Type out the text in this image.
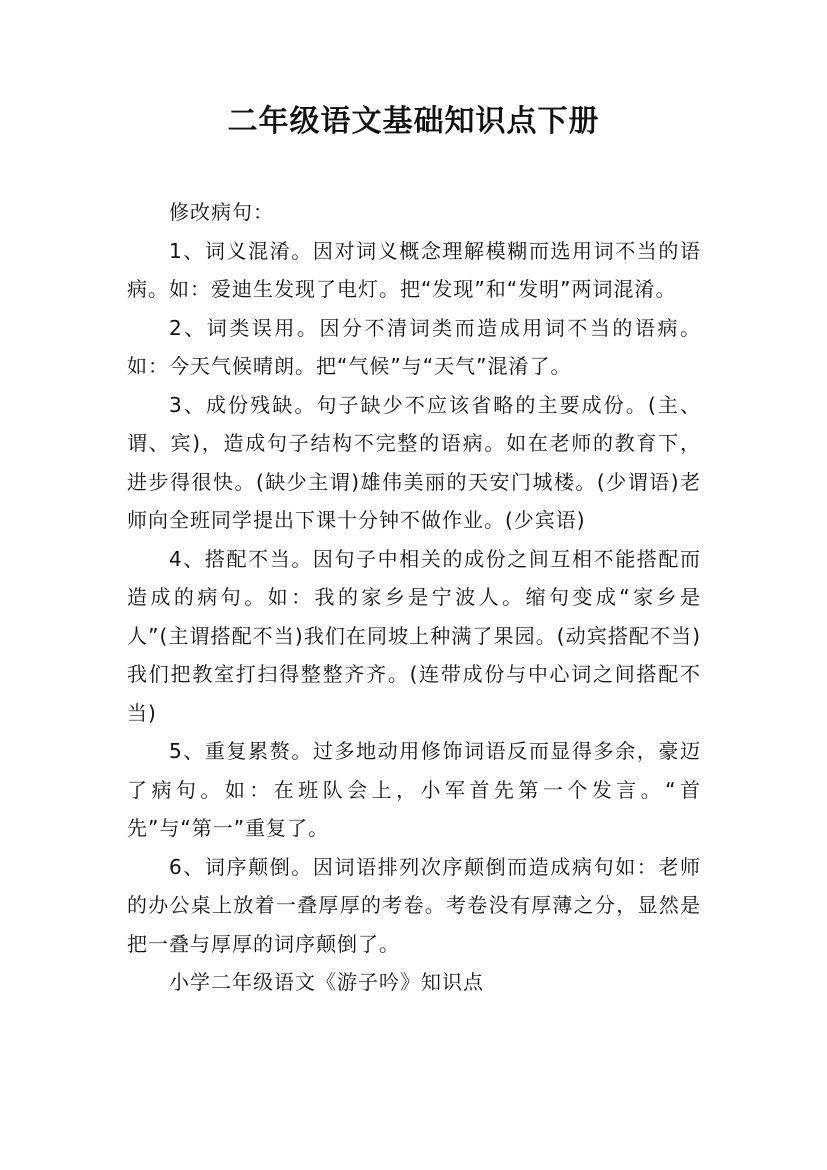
二年级语文基础知识点下册

修改病句：

1、词义混淆。因对词义概念理解模糊而选用词不当的语病。如：爱迪生发现了电灯。把“发现”和“发明”两词混淆。

2、词类误用。因分不清词类而造成用词不当的语病。如：今天气候晴朗。把“气候”与“天气”混淆了。

3、成份残缺。句子缺少不应该省略的主要成份。(主、谓、宾)，造成句子结构不完整的语病。如在老师的教育下，进步得很快。(缺少主谓)雄伟美丽的天安门城楼。(少谓语)老师向全班同学提出下课十分钟不做作业。(少宾语)

4、搭配不当。因句子中相关的成份之间互相不能搭配而造成的病句。如：我的家乡是宁波人。缩句变成“家乡是人”(主谓搭配不当)我们在同坡上种满了果园。(动宾搭配不当)我们把教室打扫得整整齐齐。(连带成份与中心词之间搭配不当)

5、重复累赘。过多地动用修饰词语反而显得多余，豪迈了病句。如：在班队会上，小军首先第一个发言。“首先”与“第一”重复了。

6、词序颠倒。因词语排列次序颠倒而造成病句如：老师的办公桌上放着一叠厚厚的考卷。考卷没有厚薄之分，显然是把一叠与厚厚的词序颠倒了。

小学二年级语文《游子吟》知识点
